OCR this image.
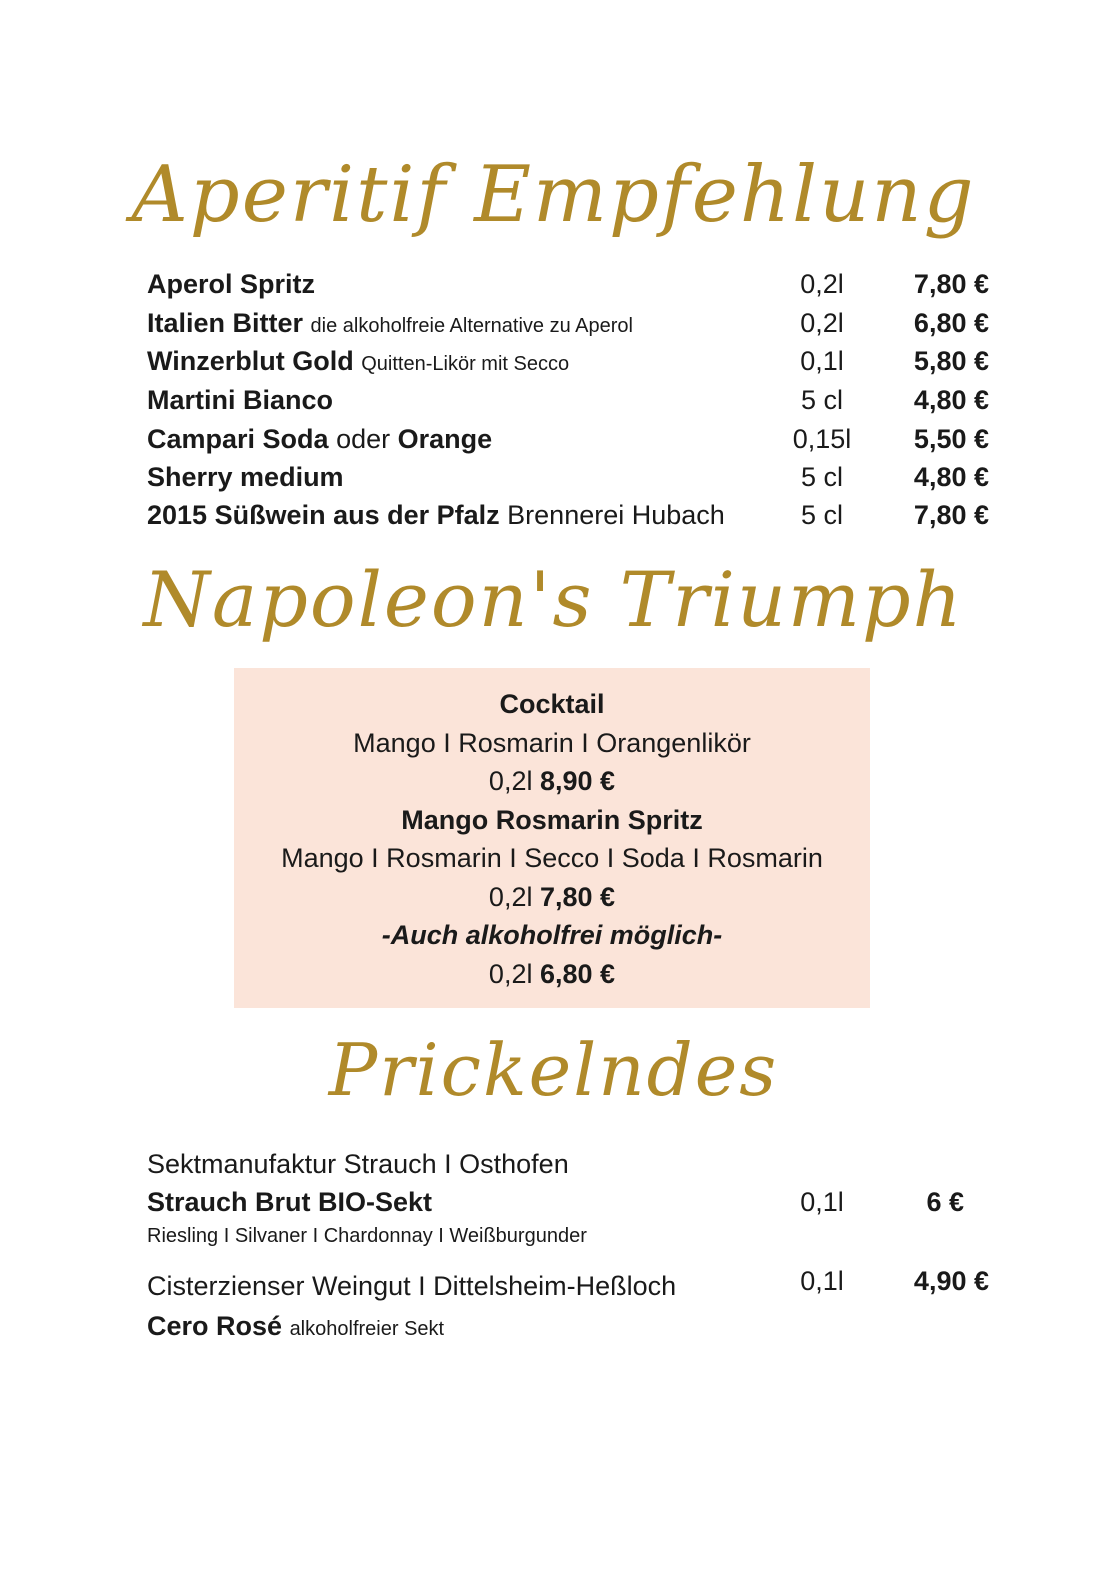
Aperitif Empfehlung
Aperol Spritz	0,2l	7,80 €
Italien Bitter die alkoholfreie Alternative zu Aperol	0,2l	6,80 €
Winzerblut Gold Quitten-Likör mit Secco	0,1l	5,80 €
Martini Bianco	5 cl	4,80 €
Campari Soda oder Orange	0,15l	5,50 €
Sherry medium	5 cl	4,80 €
2015 Süßwein aus der Pfalz Brennerei Hubach	5 cl	7,80 €
Napoleon's Triumph
Cocktail
Mango I Rosmarin I Orangenlikör
0,2l 8,90 €
Mango Rosmarin Spritz
Mango I Rosmarin I Secco I Soda I Rosmarin
0,2l 7,80 €
-Auch alkoholfrei möglich-
0,2l 6,80 €
Prickelndes
Sektmanufaktur Strauch I Osthofen
Strauch Brut BIO-Sekt	0,1l	6 €
Riesling I Silvaner I Chardonnay I Weißburgunder
Cisterzienser Weingut I Dittelsheim-Heßloch	0,1l	4,90 €
Cero Rosé alkoholfreier Sekt
